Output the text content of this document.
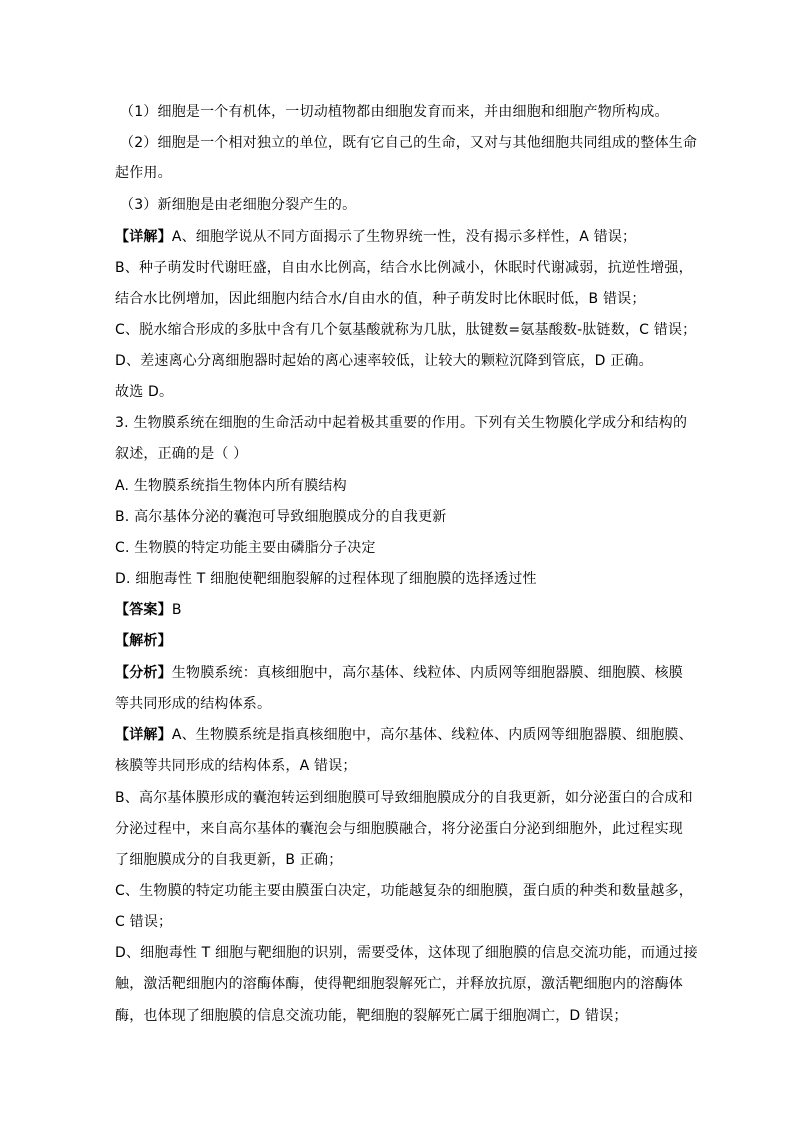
（1）细胞是一个有机体，一切动植物都由细胞发育而来，并由细胞和细胞产物所构成。
（2）细胞是一个相对独立的单位，既有它自己的生命，又对与其他细胞共同组成的整体生命
起作用。
（3）新细胞是由老细胞分裂产生的。
【详解】A、细胞学说从不同方面揭示了生物界统一性，没有揭示多样性，A 错误；
B、种子萌发时代谢旺盛，自由水比例高，结合水比例减小，休眠时代谢减弱，抗逆性增强，
结合水比例增加，因此细胞内结合水/自由水的值，种子萌发时比休眠时低，B 错误；
C、脱水缩合形成的多肽中含有几个氨基酸就称为几肽，肽键数=氨基酸数-肽链数，C 错误；
D、差速离心分离细胞器时起始的离心速率较低，让较大的颗粒沉降到管底，D 正确。
故选 D。
3. 生物膜系统在细胞的生命活动中起着极其重要的作用。下列有关生物膜化学成分和结构的
叙述，正确的是（ ）
A. 生物膜系统指生物体内所有膜结构
B. 高尔基体分泌的囊泡可导致细胞膜成分的自我更新
C. 生物膜的特定功能主要由磷脂分子决定
D. 细胞毒性 T 细胞使靶细胞裂解的过程体现了细胞膜的选择透过性
【答案】B
【解析】
【分析】生物膜系统：真核细胞中，高尔基体、线粒体、内质网等细胞器膜、细胞膜、核膜
等共同形成的结构体系。
【详解】A、生物膜系统是指真核细胞中，高尔基体、线粒体、内质网等细胞器膜、细胞膜、
核膜等共同形成的结构体系，A 错误；
B、高尔基体膜形成的囊泡转运到细胞膜可导致细胞膜成分的自我更新，如分泌蛋白的合成和
分泌过程中，来自高尔基体的囊泡会与细胞膜融合，将分泌蛋白分泌到细胞外，此过程实现
了细胞膜成分的自我更新，B 正确；
C、生物膜的特定功能主要由膜蛋白决定，功能越复杂的细胞膜，蛋白质的种类和数量越多，
C 错误；
D、细胞毒性 T 细胞与靶细胞的识别，需要受体，这体现了细胞膜的信息交流功能，而通过接
触，激活靶细胞内的溶酶体酶，使得靶细胞裂解死亡，并释放抗原，激活靶细胞内的溶酶体
酶，也体现了细胞膜的信息交流功能，靶细胞的裂解死亡属于细胞凋亡，D 错误；
